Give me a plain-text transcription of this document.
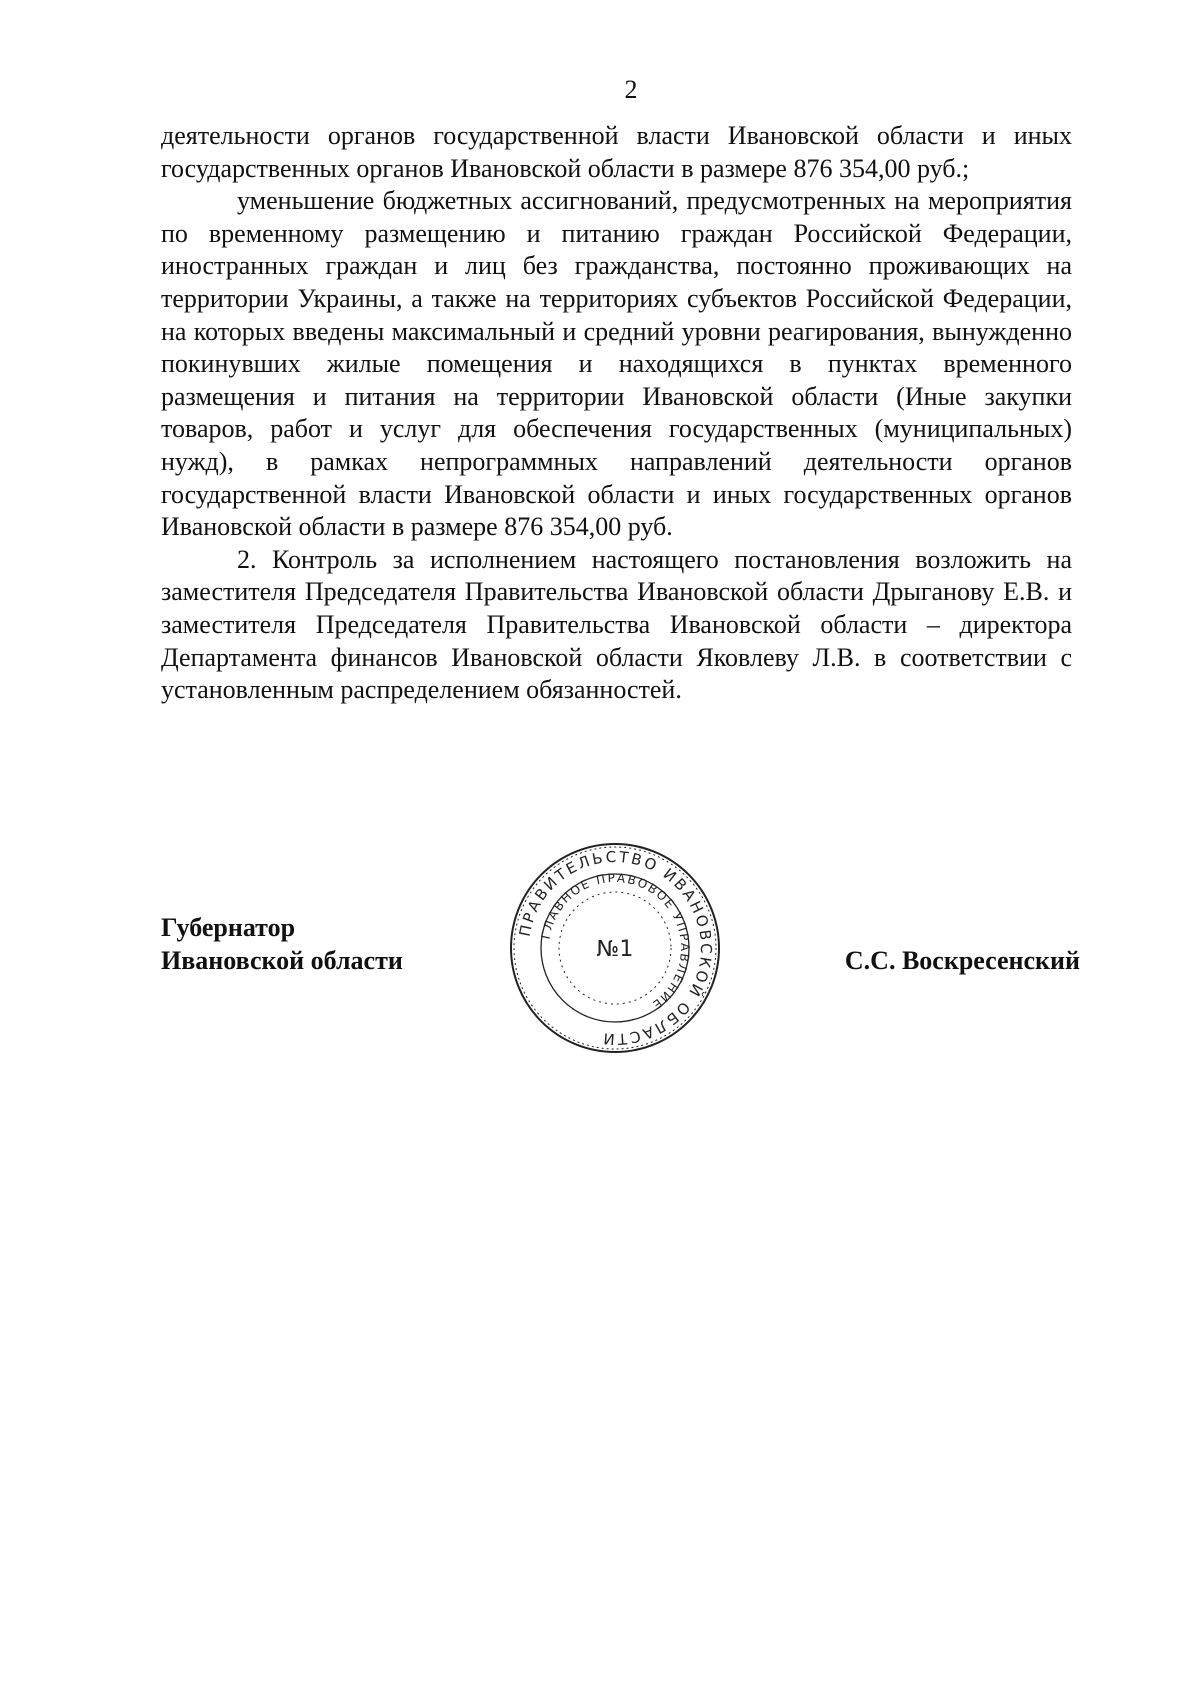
2

деятельности органов государственной власти Ивановской области и иных государственных органов Ивановской области в размере 876 354,00 руб.;

уменьшение бюджетных ассигнований, предусмотренных на мероприятия по временному размещению и питанию граждан Российской Федерации, иностранных граждан и лиц без гражданства, постоянно проживающих на территории Украины, а также на территориях субъектов Российской Федерации, на которых введены максимальный и средний уровни реагирования, вынужденно покинувших жилые помещения и находящихся в пунктах временного размещения и питания на территории Ивановской области (Иные закупки товаров, работ и услуг для обеспечения государственных (муниципальных) нужд), в рамках непрограммных направлений деятельности органов государственной власти Ивановской области и иных государственных органов Ивановской области в размере 876 354,00 руб.

2. Контроль за исполнением настоящего постановления возложить на заместителя Председателя Правительства Ивановской области Дрыганову Е.В. и заместителя Председателя Правительства Ивановской области – директора Департамента финансов Ивановской области Яковлеву Л.В. в соответствии с установленным распределением обязанностей.

Губернатор
Ивановской области
ПРАВИТЕЛЬСТВО ИВАНОВСКОЙ ОБЛАСТИ
ГЛАВНОЕ ПРАВОВОЕ УПРАВЛЕНИЕ
№1	С.С. Воскресенский
